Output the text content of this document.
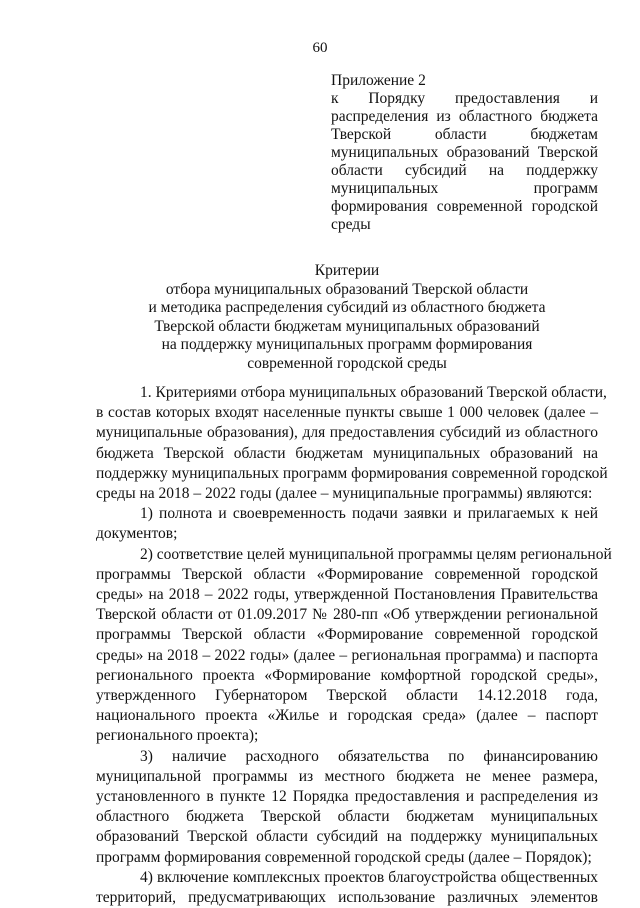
60
Приложение 2
к Порядку предоставления и
распределения из областного бюджета
Тверской области бюджетам
муниципальных образований Тверской
области субсидий на поддержку
муниципальных программ
формирования современной городской
среды
Критерии
отбора муниципальных образований Тверской области
и методика распределения субсидий из областного бюджета
Тверской области бюджетам муниципальных образований
на поддержку муниципальных программ формирования
современной городской среды
1. Критериями отбора муниципальных образований Тверской области,
в состав которых входят населенные пункты свыше 1 000 человек (далее –
муниципальные образования), для предоставления субсидий из областного
бюджета Тверской области бюджетам муниципальных образований на
поддержку муниципальных программ формирования современной городской
среды на 2018 – 2022 годы (далее – муниципальные программы) являются:
1) полнота и своевременность подачи заявки и прилагаемых к ней
документов;
2) соответствие целей муниципальной программы целям региональной
программы Тверской области «Формирование современной городской
среды» на 2018 – 2022 годы, утвержденной Постановления Правительства
Тверской области от 01.09.2017 № 280-пп «Об утверждении региональной
программы Тверской области «Формирование современной городской
среды» на 2018 – 2022 годы» (далее – региональная программа) и паспорта
регионального проекта «Формирование комфортной городской среды»,
утвержденного Губернатором Тверской области 14.12.2018 года,
национального проекта «Жилье и городская среда» (далее – паспорт
регионального проекта);
3) наличие расходного обязательства по финансированию
муниципальной программы из местного бюджета не менее размера,
установленного в пункте 12 Порядка предоставления и распределения из
областного бюджета Тверской области бюджетам муниципальных
образований Тверской области субсидий на поддержку муниципальных
программ формирования современной городской среды (далее – Порядок);
4) включение комплексных проектов благоустройства общественных
территорий, предусматривающих использование различных элементов
